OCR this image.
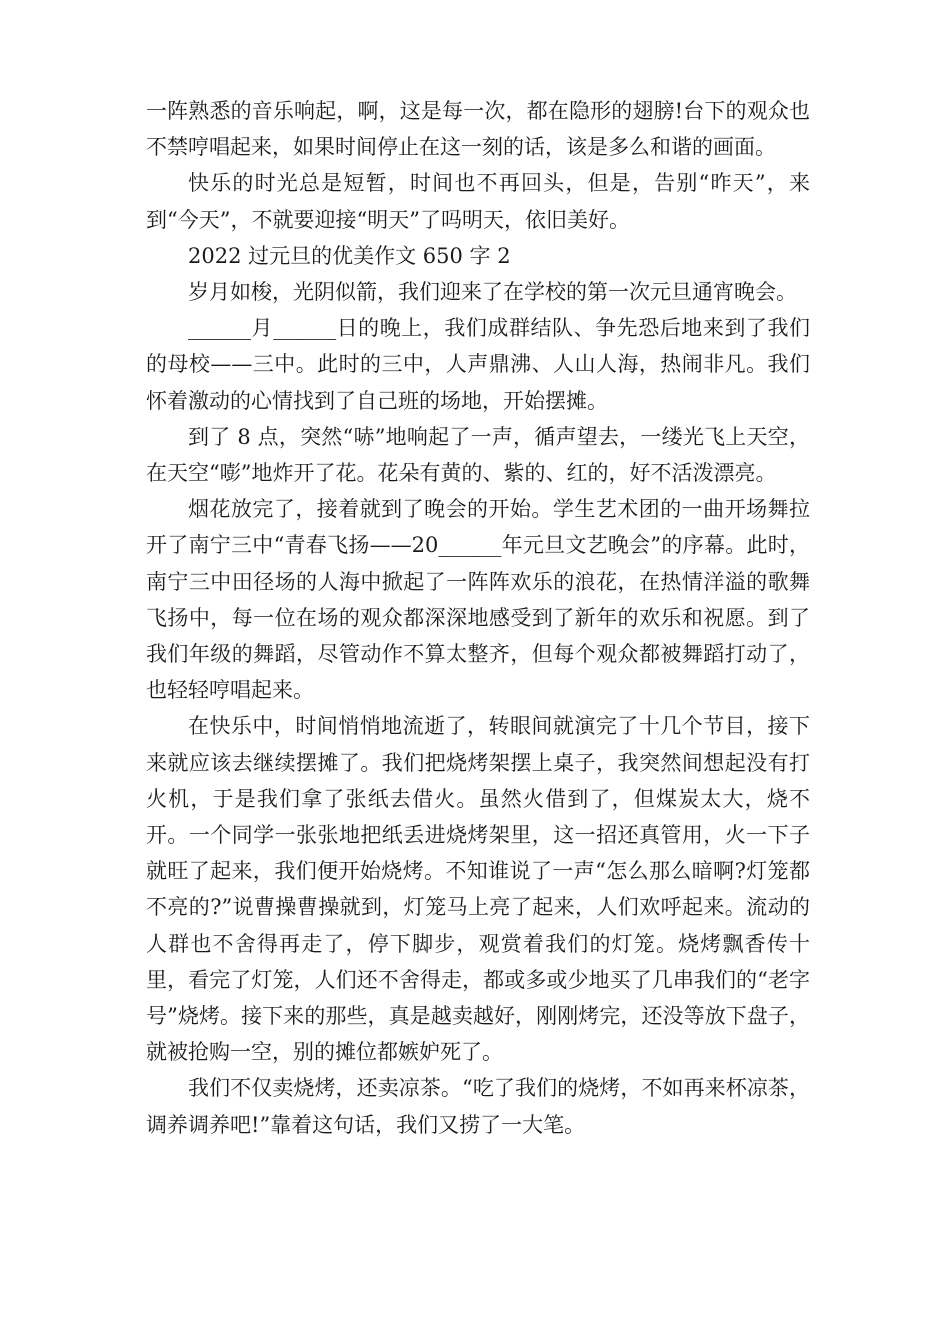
一阵熟悉的音乐响起，啊，这是每一次，都在隐形的翅膀!台下的观众也不禁哼唱起来，如果时间停止在这一刻的话，该是多么和谐的画面。

快乐的时光总是短暂，时间也不再回头，但是，告别“昨天”，来到“今天”，不就要迎接“明天”了吗明天，依旧美好。

2022 过元旦的优美作文 650 字 2

岁月如梭，光阴似箭，我们迎来了在学校的第一次元旦通宵晚会。

______月______日的晚上，我们成群结队、争先恐后地来到了我们的母校——三中。此时的三中，人声鼎沸、人山人海，热闹非凡。我们怀着激动的心情找到了自己班的场地，开始摆摊。

到了 8 点，突然“哧”地响起了一声，循声望去，一缕光飞上天空，在天空“嘭”地炸开了花。花朵有黄的、紫的、红的，好不活泼漂亮。

烟花放完了，接着就到了晚会的开始。学生艺术团的一曲开场舞拉开了南宁三中“青春飞扬——20______年元旦文艺晚会”的序幕。此时，南宁三中田径场的人海中掀起了一阵阵欢乐的浪花，在热情洋溢的歌舞飞扬中，每一位在场的观众都深深地感受到了新年的欢乐和祝愿。到了我们年级的舞蹈，尽管动作不算太整齐，但每个观众都被舞蹈打动了，也轻轻哼唱起来。

在快乐中，时间悄悄地流逝了，转眼间就演完了十几个节目，接下来就应该去继续摆摊了。我们把烧烤架摆上桌子，我突然间想起没有打火机，于是我们拿了张纸去借火。虽然火借到了，但煤炭太大，烧不开。一个同学一张张地把纸丢进烧烤架里，这一招还真管用，火一下子就旺了起来，我们便开始烧烤。不知谁说了一声“怎么那么暗啊?灯笼都不亮的?”说曹操曹操就到，灯笼马上亮了起来，人们欢呼起来。流动的人群也不舍得再走了，停下脚步，观赏着我们的灯笼。烧烤飘香传十里，看完了灯笼，人们还不舍得走，都或多或少地买了几串我们的“老字号”烧烤。接下来的那些，真是越卖越好，刚刚烤完，还没等放下盘子，就被抢购一空，别的摊位都嫉妒死了。

我们不仅卖烧烤，还卖凉茶。“吃了我们的烧烤，不如再来杯凉茶，调养调养吧!”靠着这句话，我们又捞了一大笔。
